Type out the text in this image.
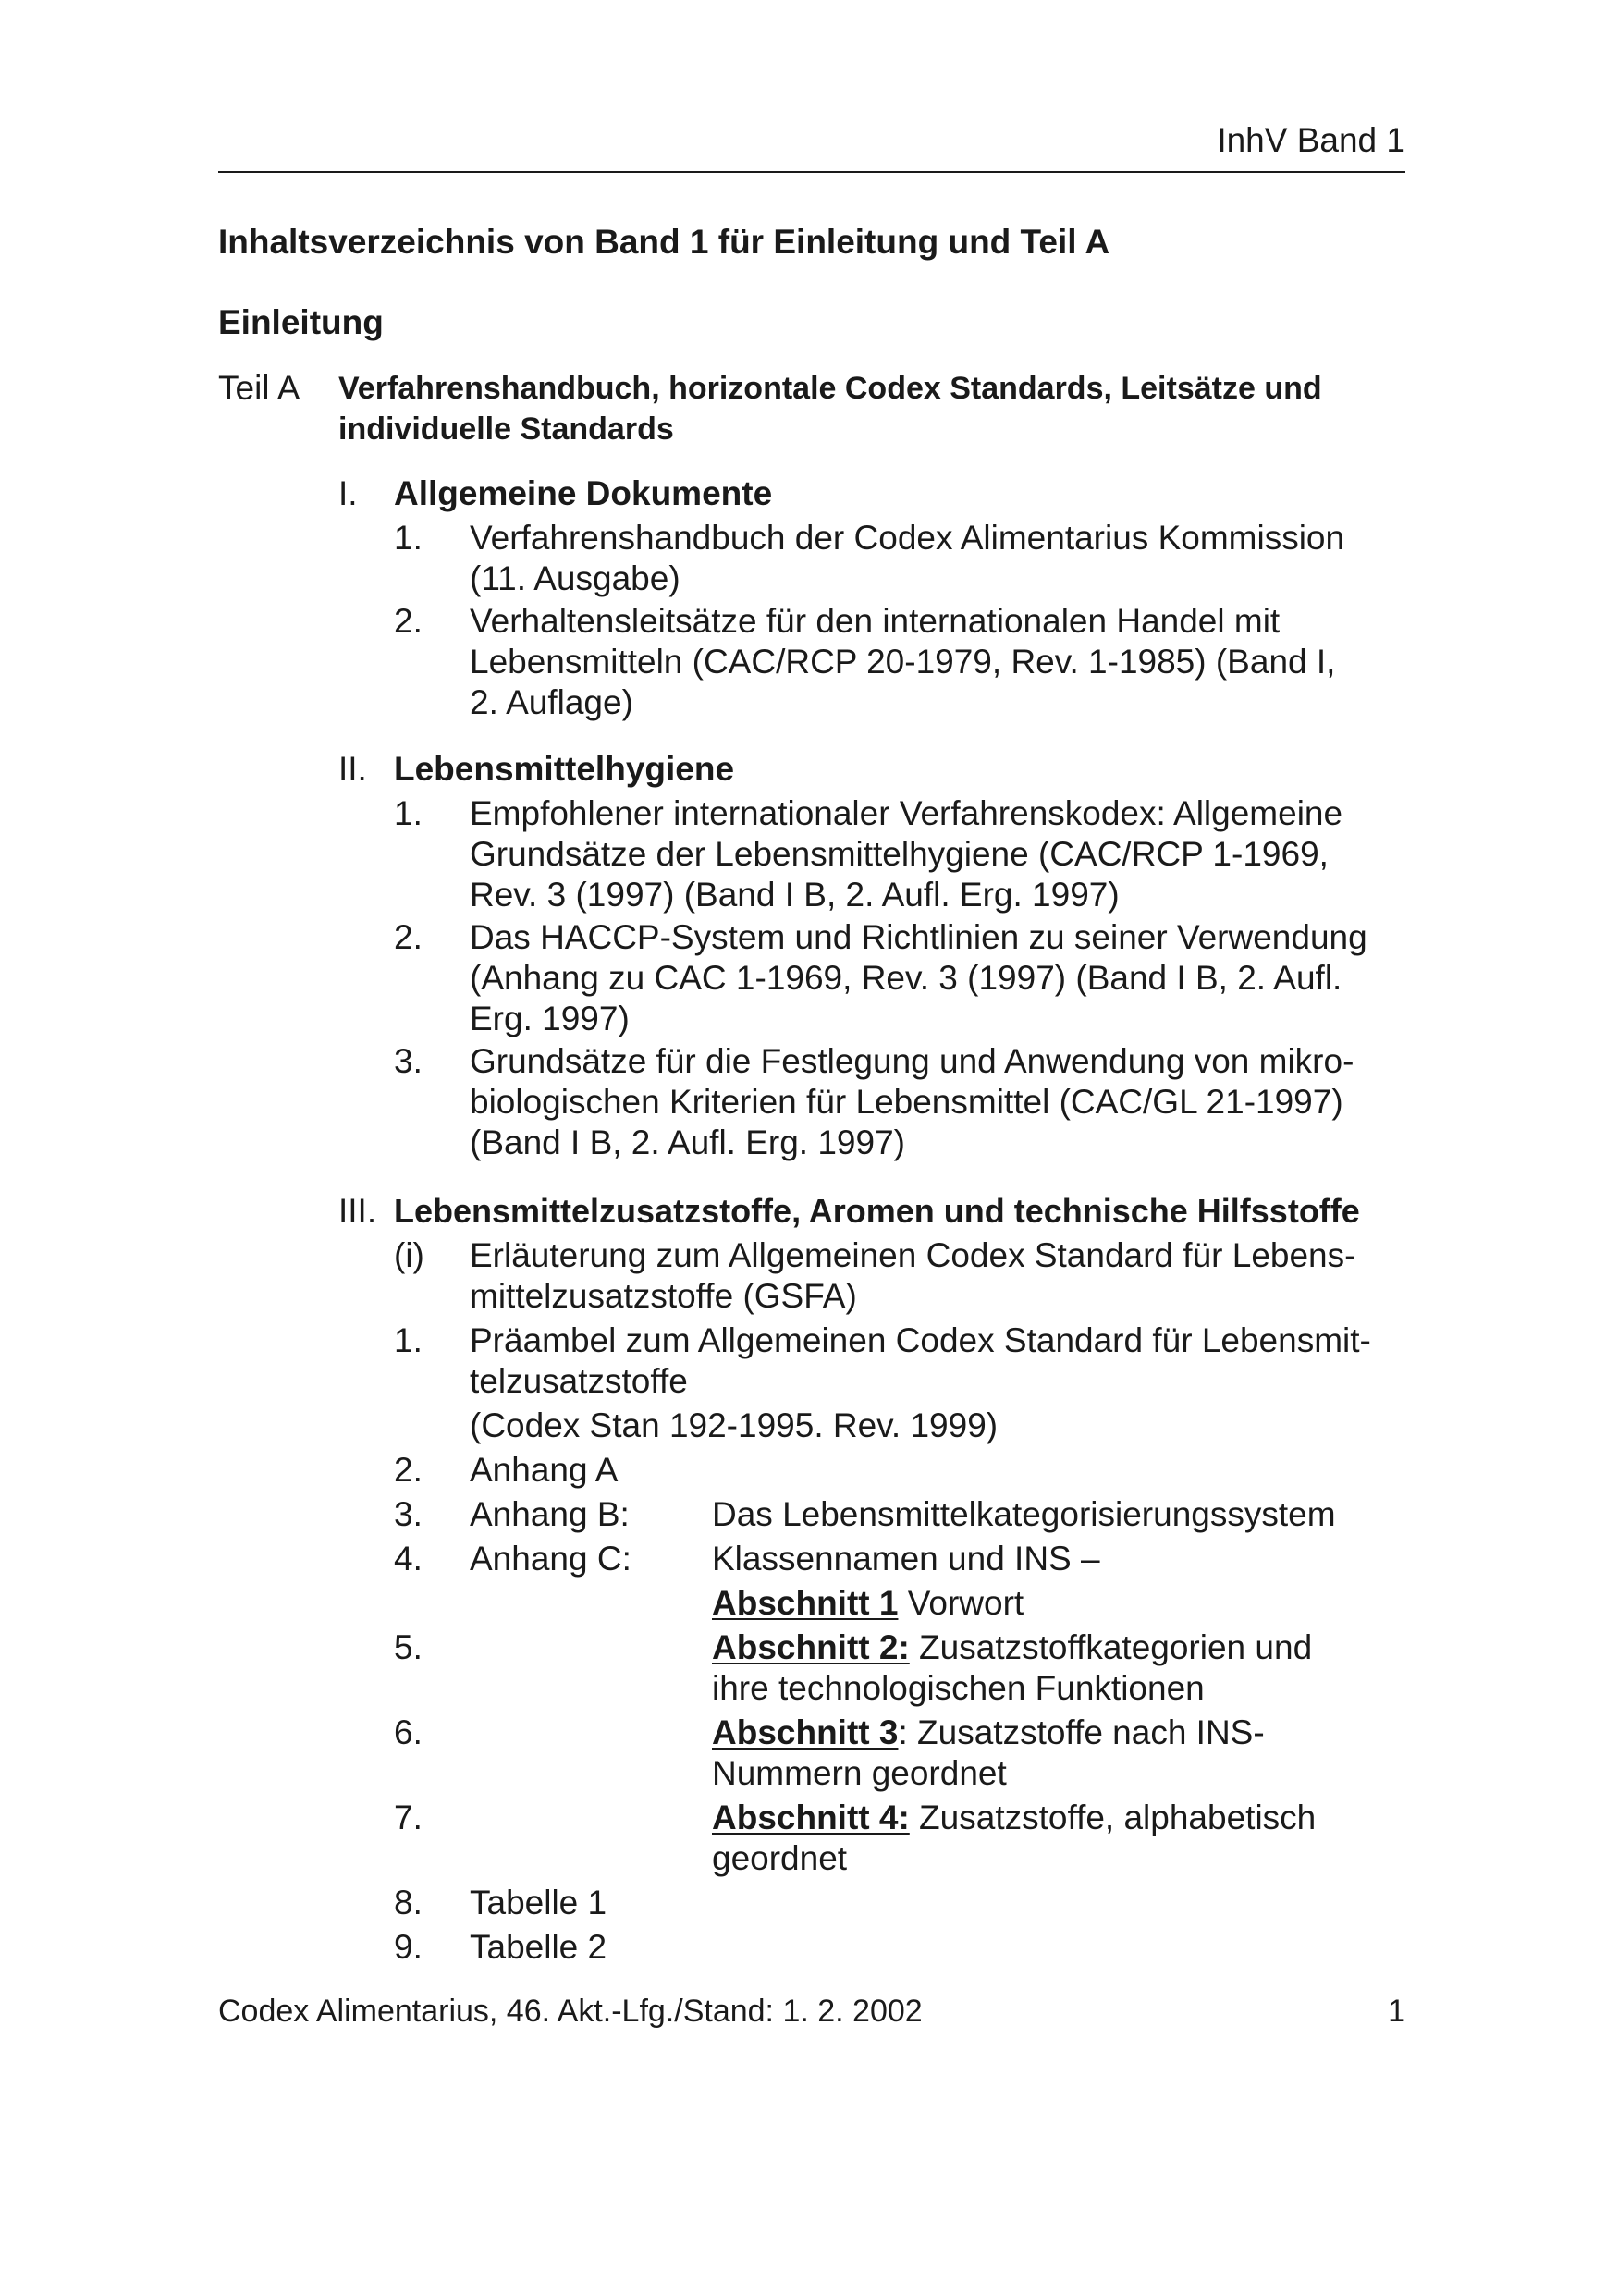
InhV Band 1
Inhaltsverzeichnis von Band 1 für Einleitung und Teil A
Einleitung
Teil A Verfahrenshandbuch, horizontale Codex Standards, Leitsätze und
individuelle Standards
I. Allgemeine Dokumente
1. Verfahrenshandbuch der Codex Alimentarius Kommission
(11. Ausgabe)
2. Verhaltensleitsätze für den internationalen Handel mit
Lebensmitteln (CAC/RCP 20-1979, Rev. 1-1985) (Band I,
2. Auflage)
II. Lebensmittelhygiene
1. Empfohlener internationaler Verfahrenskodex: Allgemeine
Grundsätze der Lebensmittelhygiene (CAC/RCP 1-1969,
Rev. 3 (1997) (Band I B, 2. Aufl. Erg. 1997)
2. Das HACCP-System und Richtlinien zu seiner Verwendung
(Anhang zu CAC 1-1969, Rev. 3 (1997) (Band I B, 2. Aufl.
Erg. 1997)
3. Grundsätze für die Festlegung und Anwendung von mikro-
biologischen Kriterien für Lebensmittel (CAC/GL 21-1997)
(Band I B, 2. Aufl. Erg. 1997)
III. Lebensmittelzusatzstoffe, Aromen und technische Hilfsstoffe
(i) Erläuterung zum Allgemeinen Codex Standard für Lebens-
mittelzusatzstoffe (GSFA)
1. Präambel zum Allgemeinen Codex Standard für Lebensmit-
telzusatzstoffe
(Codex Stan 192-1995. Rev. 1999)
2. Anhang A
3. Anhang B: Das Lebensmittelkategorisierungssystem
4. Anhang C: Klassennamen und INS –
Abschnitt 1 Vorwort
5.	Abschnitt 2: Zusatzstoffkategorien und
ihre technologischen Funktionen
6.	Abschnitt 3: Zusatzstoffe nach INS-
Nummern geordnet
7.	Abschnitt 4: Zusatzstoffe, alphabetisch
geordnet
8. Tabelle 1
9. Tabelle 2
Codex Alimentarius, 46. Akt.-Lfg./Stand: 1. 2. 2002	1
